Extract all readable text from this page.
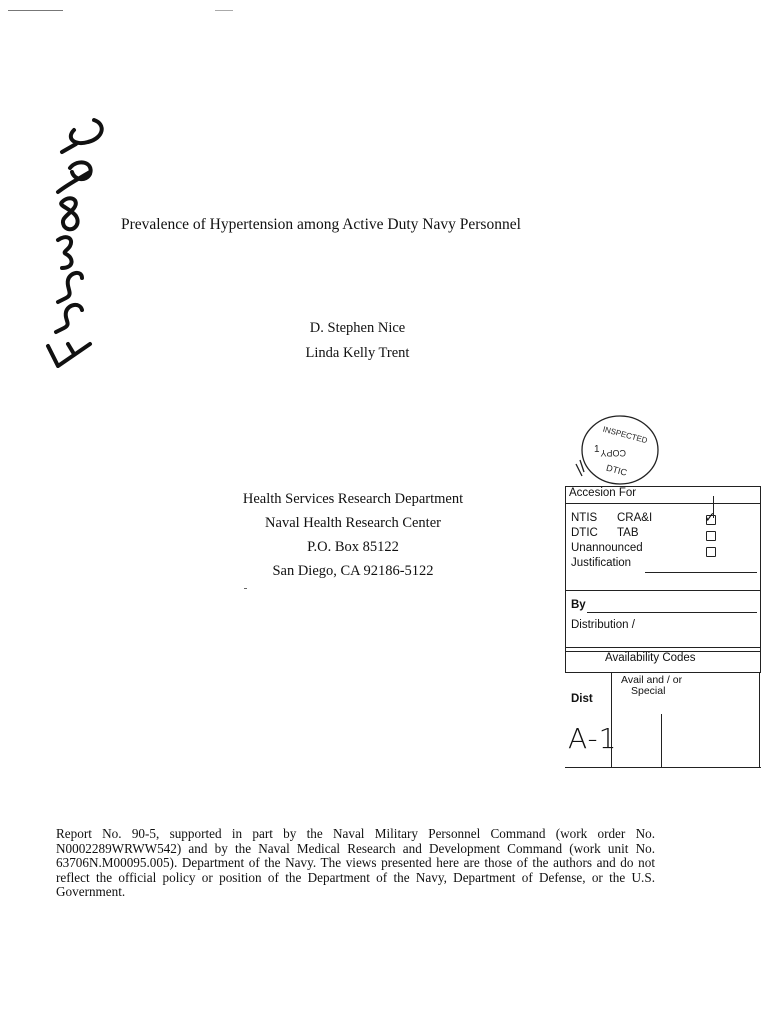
Prevalence of Hypertension among Active Duty Navy Personnel
D. Stephen Nice
Linda Kelly Trent
Health Services Research Department
Naval Health Research Center
P.O. Box 85122
San Diego, CA 92186-5122
INSPECTED
COPY
1
DTIC
Accesion For
NTIS CRA&I	✓
DTIC TAB
Unannounced
Justification
By
Distribution /
Availability Codes
Dist
Avail and / or
Special
A-1
Report No. 90-5, supported in part by the Naval Military Personnel Command (work order No. N0002289WRWW542) and by the Naval Medical Research and Development Command (work unit No. 63706N.M00095.005). Department of the Navy. The views presented here are those of the authors and do not reflect the official policy or position of the Department of the Navy, Department of Defense, or the U.S. Government.
